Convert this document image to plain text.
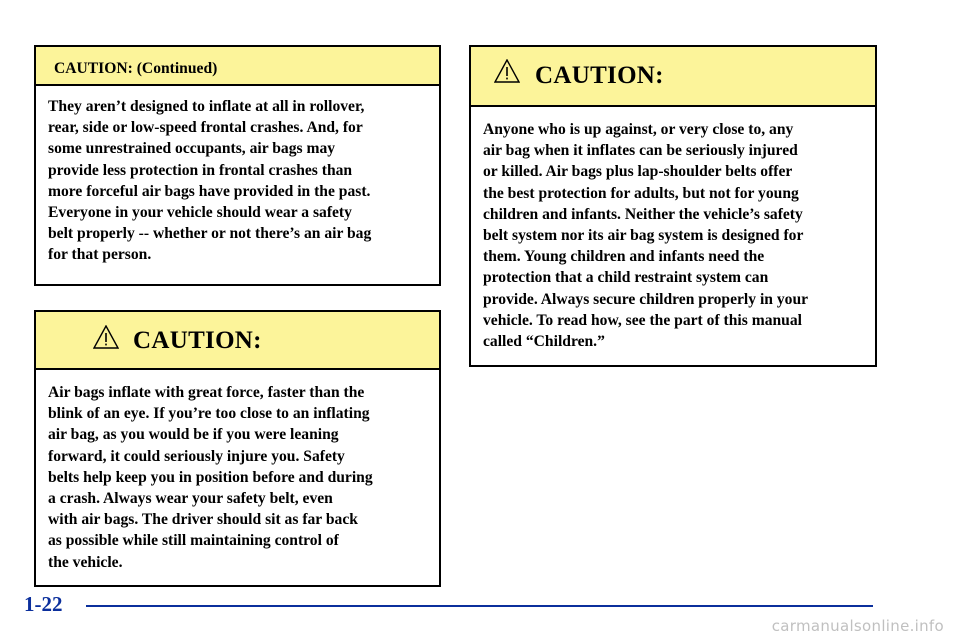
CAUTION: (Continued)

They aren’t designed to inflate at all in rollover,
rear, side or low‑speed frontal crashes. And, for
some unrestrained occupants, air bags may
provide less protection in frontal crashes than
more forceful air bags have provided in the past.
Everyone in your vehicle should wear a safety
belt properly ‑‑ whether or not there’s an air bag
for that person.

CAUTION:

Air bags inflate with great force, faster than the
blink of an eye. If you’re too close to an inflating
air bag, as you would be if you were leaning
forward, it could seriously injure you. Safety
belts help keep you in position before and during
a crash. Always wear your safety belt, even
with air bags. The driver should sit as far back
as possible while still maintaining control of
the vehicle.

CAUTION:

Anyone who is up against, or very close to, any
air bag when it inflates can be seriously injured
or killed. Air bags plus lap‑shoulder belts offer
the best protection for adults, but not for young
children and infants. Neither the vehicle’s safety
belt system nor its air bag system is designed for
them. Young children and infants need the
protection that a child restraint system can
provide. Always secure children properly in your
vehicle. To read how, see the part of this manual
called “Children.”

1-22
carmanualsonline.info
